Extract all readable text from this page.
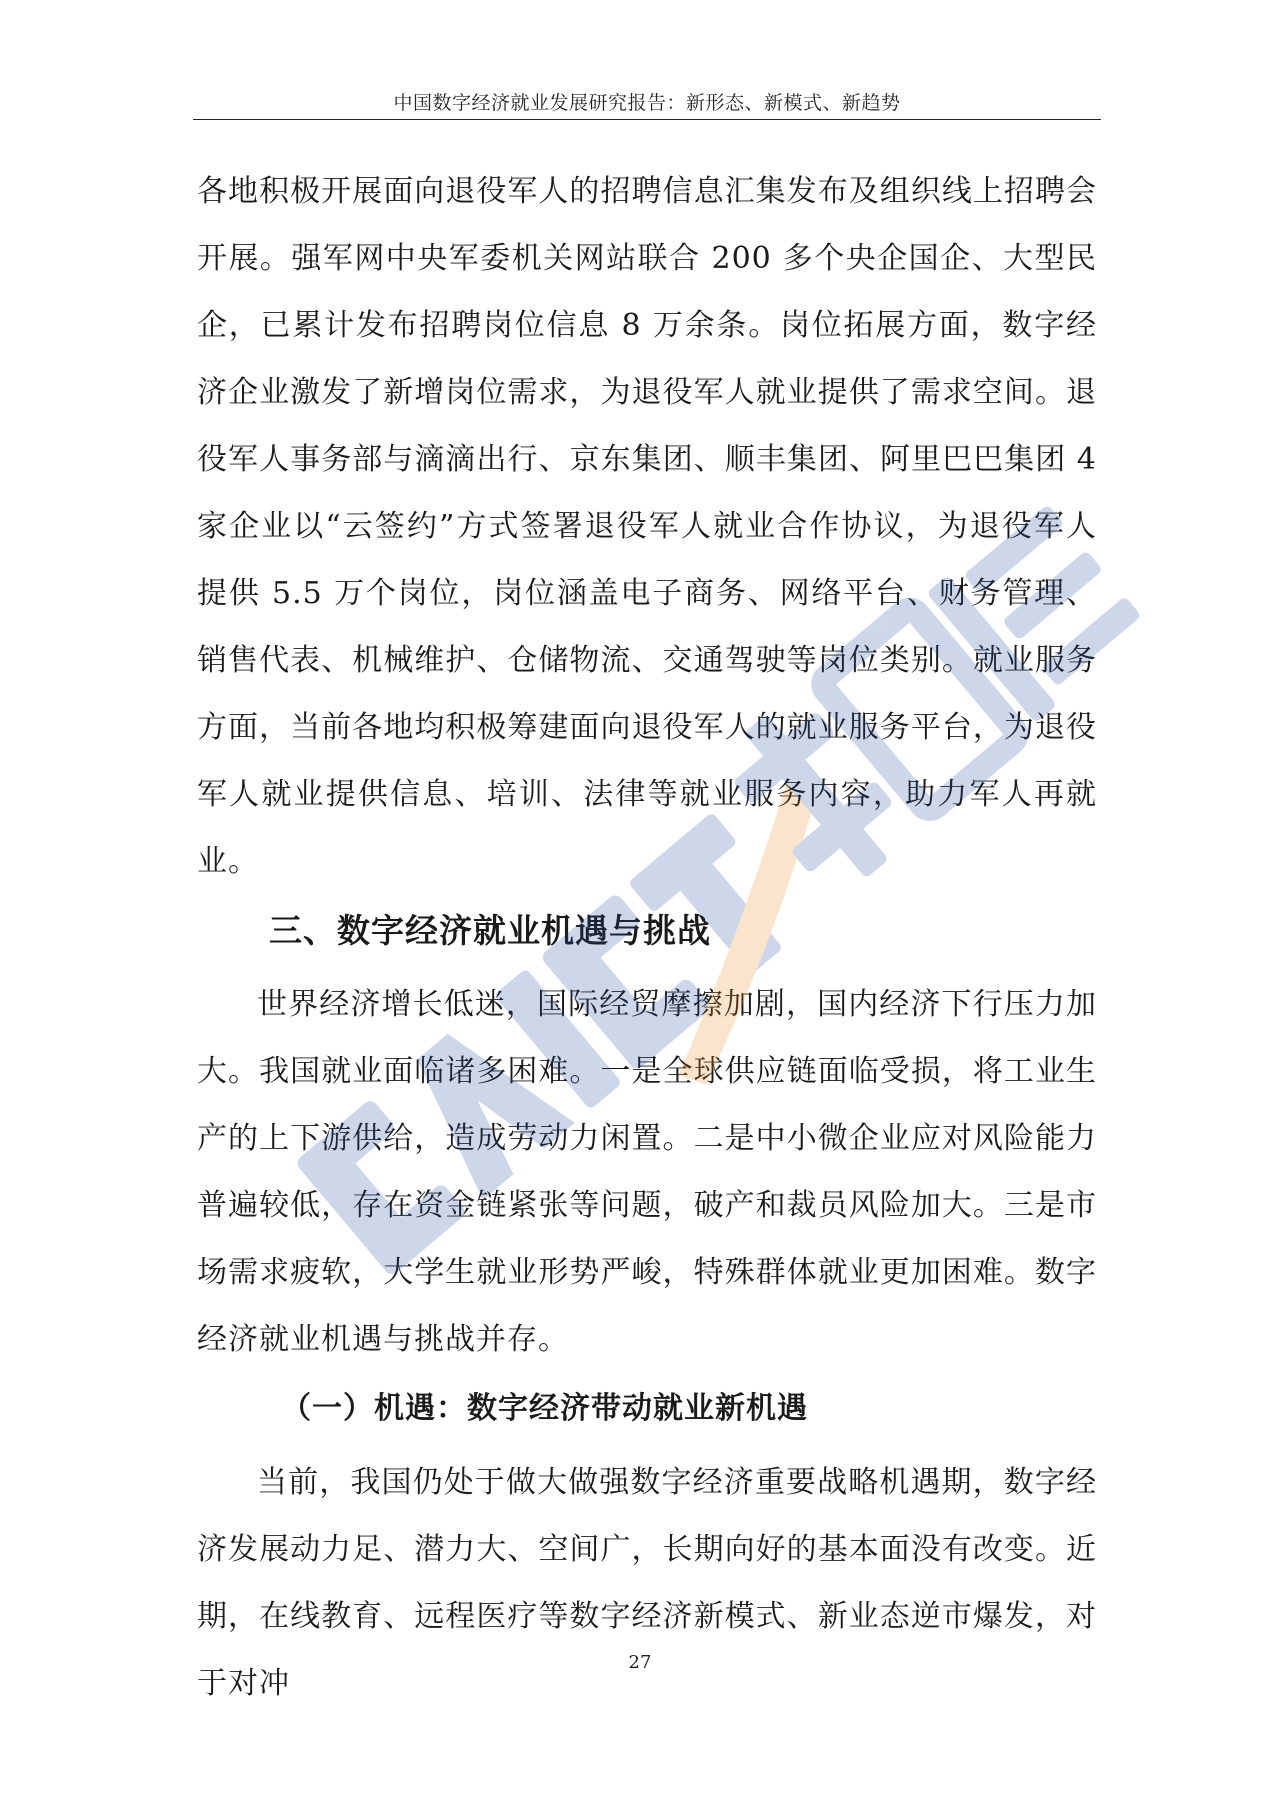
中国数字经济就业发展研究报告：新形态、新模式、新趋势

各地积极开展面向退役军人的招聘信息汇集发布及组织线上招聘会开展。强军网中央军委机关网站联合 200 多个央企国企、大型民企，已累计发布招聘岗位信息 8 万余条。岗位拓展方面，数字经济企业激发了新增岗位需求，为退役军人就业提供了需求空间。退役军人事务部与滴滴出行、京东集团、顺丰集团、阿里巴巴集团 4 家企业以“云签约”方式签署退役军人就业合作协议，为退役军人提供 5.5 万个岗位，岗位涵盖电子商务、网络平台、财务管理、销售代表、机械维护、仓储物流、交通驾驶等岗位类别。就业服务方面，当前各地均积极筹建面向退役军人的就业服务平台，为退役军人就业提供信息、培训、法律等就业服务内容，助力军人再就业。

三、数字经济就业机遇与挑战

世界经济增长低迷，国际经贸摩擦加剧，国内经济下行压力加大。我国就业面临诸多困难。一是全球供应链面临受损，将工业生产的上下游供给，造成劳动力闲置。二是中小微企业应对风险能力普遍较低，存在资金链紧张等问题，破产和裁员风险加大。三是市场需求疲软，大学生就业形势严峻，特殊群体就业更加困难。数字经济就业机遇与挑战并存。

（一）机遇：数字经济带动就业新机遇

当前，我国仍处于做大做强数字经济重要战略机遇期，数字经济发展动力足、潜力大、空间广，长期向好的基本面没有改变。近期，在线教育、远程医疗等数字经济新模式、新业态逆市爆发，对于对冲

27
